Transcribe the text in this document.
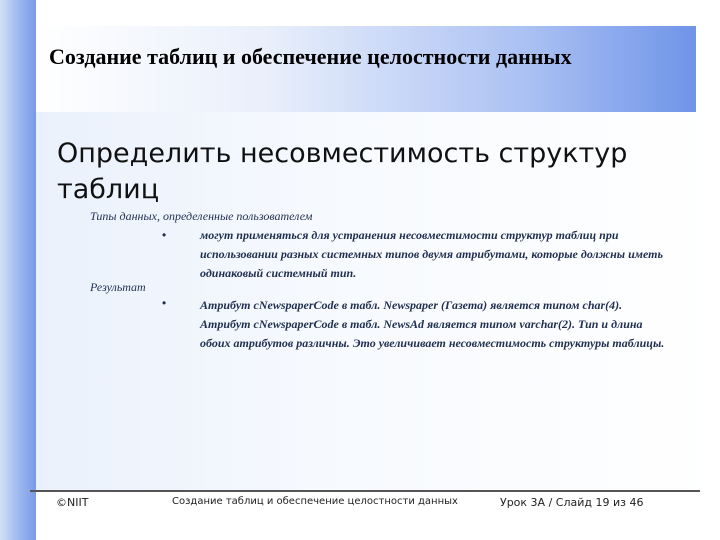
Создание таблиц и обеспечение целостности данных
Определить несовместимость структур таблиц

Типы данных, определенные пользователем

•	могут применяться для устранения несовместимости структур таблиц при использовании разных системных типов двумя атрибутами, которые должны иметь одинаковый системный тип.

Результат

•	Атрибут cNewspaperCode в табл. Newspaper (Газета) является типом char(4). Атрибут cNewspaperCode в табл. NewsAd является типом varchar(2). Тип и длина обоих атрибутов различны. Это увеличивает несовместимость структуры таблицы.

©NIIT	Создание таблиц и обеспечение целостности данных	Урок 3A / Слайд 19 из 46
